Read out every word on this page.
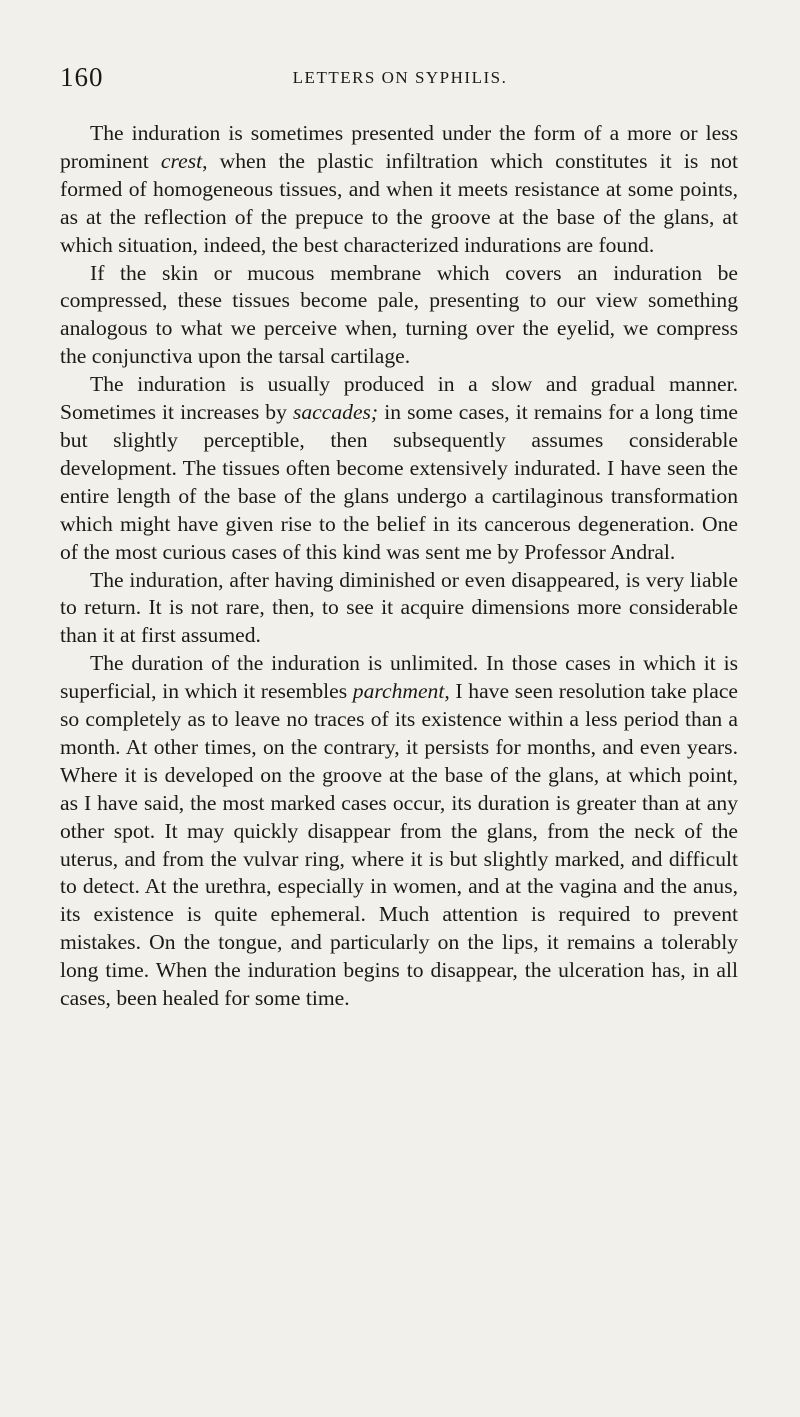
160	LETTERS ON SYPHILIS.

The induration is sometimes presented under the form of a more or less prominent crest, when the plastic infiltration which constitutes it is not formed of homogeneous tissues, and when it meets resistance at some points, as at the reflection of the prepuce to the groove at the base of the glans, at which situation, indeed, the best characterized indurations are found.

If the skin or mucous membrane which covers an induration be compressed, these tissues become pale, presenting to our view something analogous to what we perceive when, turning over the eyelid, we compress the conjunctiva upon the tarsal cartilage.

The induration is usually produced in a slow and gradual manner. Sometimes it increases by saccades; in some cases, it remains for a long time but slightly perceptible, then subsequently assumes considerable development. The tissues often become extensively indurated. I have seen the entire length of the base of the glans undergo a cartilaginous transformation which might have given rise to the belief in its cancerous degeneration. One of the most curious cases of this kind was sent me by Professor Andral.

The induration, after having diminished or even disappeared, is very liable to return. It is not rare, then, to see it acquire dimensions more considerable than it at first assumed.

The duration of the induration is unlimited. In those cases in which it is superficial, in which it resembles parchment, I have seen resolution take place so completely as to leave no traces of its existence within a less period than a month. At other times, on the contrary, it persists for months, and even years. Where it is developed on the groove at the base of the glans, at which point, as I have said, the most marked cases occur, its duration is greater than at any other spot. It may quickly disappear from the glans, from the neck of the uterus, and from the vulvar ring, where it is but slightly marked, and difficult to detect. At the urethra, especially in women, and at the vagina and the anus, its existence is quite ephemeral. Much attention is required to prevent mistakes. On the tongue, and particularly on the lips, it remains a tolerably long time. When the induration begins to disappear, the ulceration has, in all cases, been healed for some time.
